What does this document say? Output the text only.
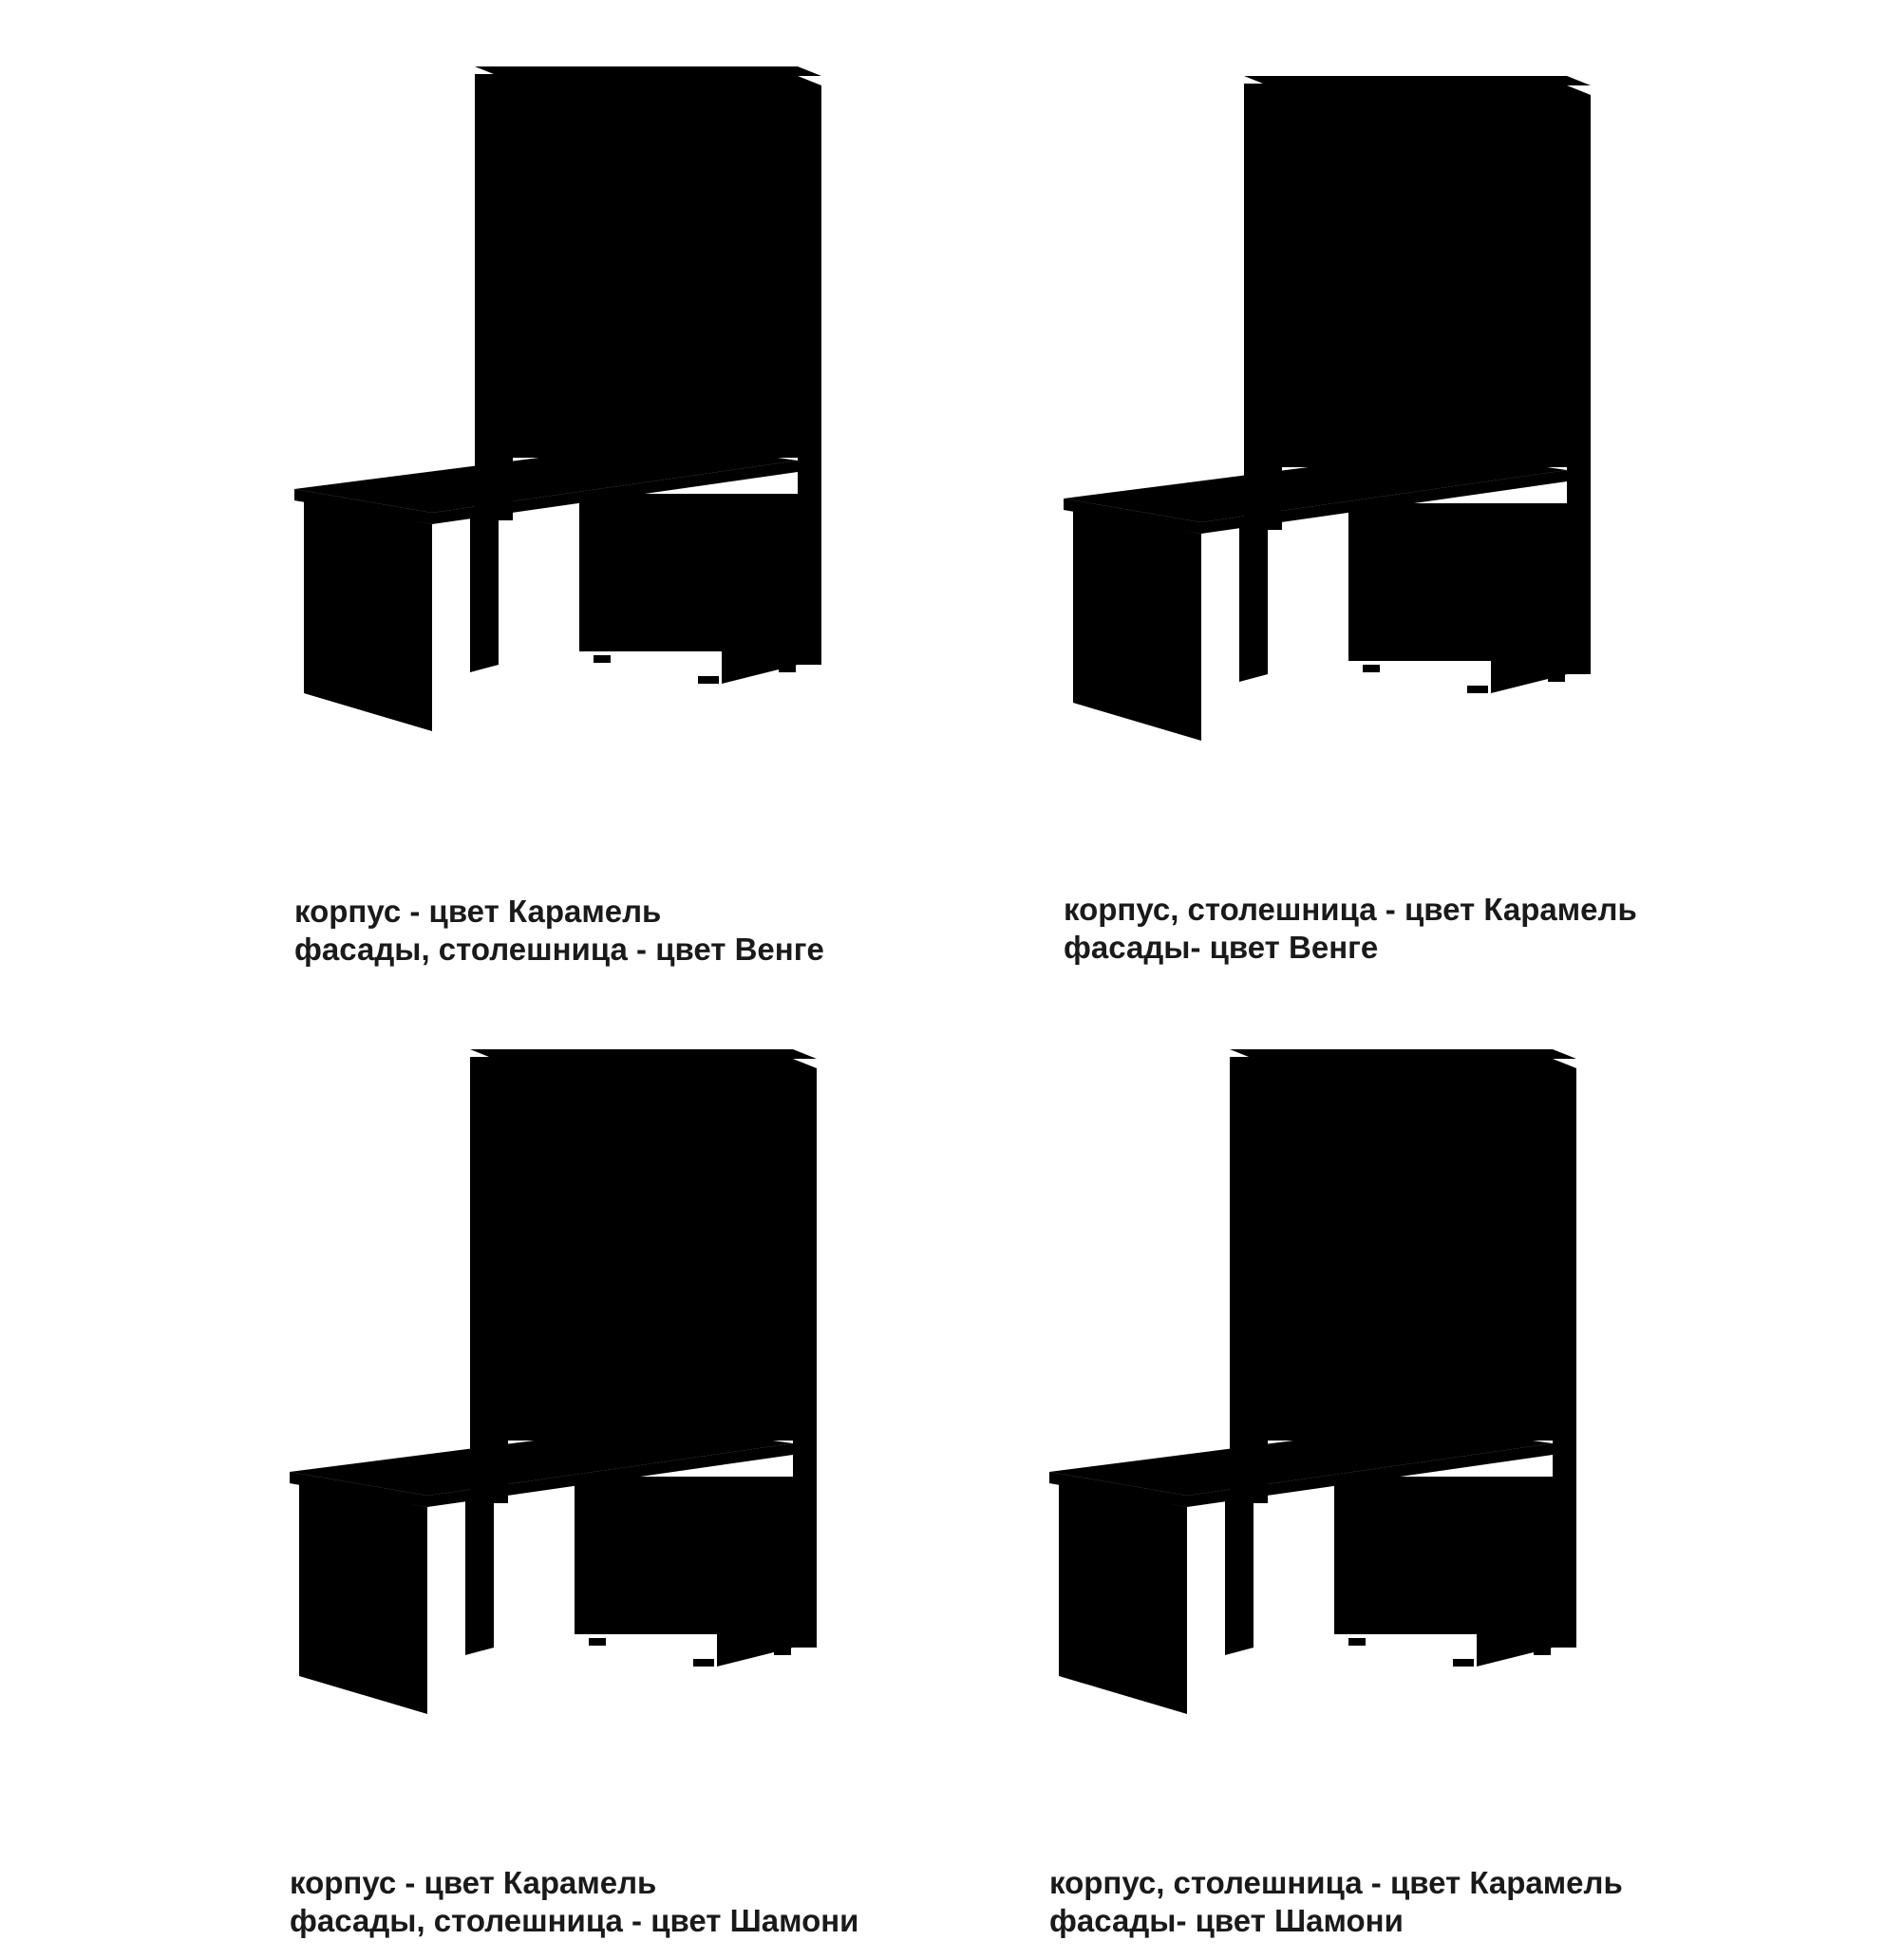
корпус - цвет Карамель
фасады, столешница - цвет Венге

корпус, столешница - цвет Карамель
фасады- цвет Венге

корпус - цвет Карамель
фасады, столешница - цвет Шамони

корпус, столешница - цвет Карамель
фасады- цвет Шамони
